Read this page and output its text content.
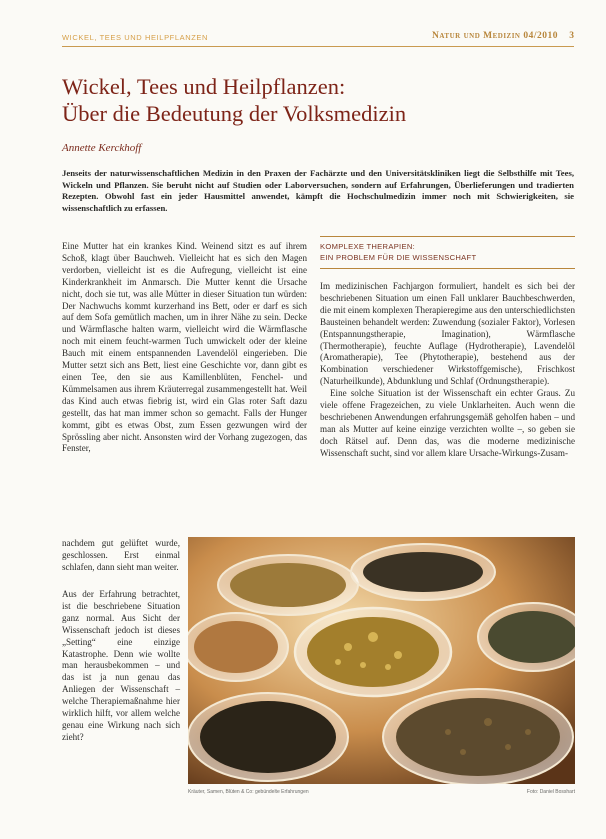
WICKEL, TEES UND HEILPFLANZEN	Natur und Medizin 04/2010 3
Wickel, Tees und Heilpflanzen:
Über die Bedeutung der Volksmedizin
Annette Kerckhoff
Jenseits der naturwissenschaftlichen Medizin in den Praxen der Fachärzte und den Universitätskliniken liegt die Selbsthilfe mit Tees, Wickeln und Pflanzen. Sie beruht nicht auf Studien oder Laborversuchen, sondern auf Erfahrungen, Überlieferungen und tradierten Rezepten. Obwohl fast ein jeder Hausmittel anwendet, kämpft die Hochschulmedizin immer noch mit Schwierigkeiten, sie wissenschaftlich zu erfassen.
Eine Mutter hat ein krankes Kind. Weinend sitzt es auf ihrem Schoß, klagt über Bauchweh. Vielleicht hat es sich den Magen verdorben, vielleicht ist es die Aufregung, vielleicht ist eine Kinderkrankheit im Anmarsch. Die Mutter kennt die Ursache nicht, doch sie tut, was alle Mütter in dieser Situation tun würden: Der Nachwuchs kommt kurzerhand ins Bett, oder er darf es sich auf dem Sofa gemütlich machen, um in ihrer Nähe zu sein. Decke und Wärmflasche halten warm, vielleicht wird die Wärmflasche noch mit einem feucht-warmen Tuch umwickelt oder der kleine Bauch mit einem entspannenden Lavendelöl eingerieben. Die Mutter setzt sich ans Bett, liest eine Geschichte vor, dann gibt es einen Tee, den sie aus Kamillenblüten, Fenchel- und Kümmelsamen aus ihrem Kräuterregal zusammengestellt hat. Weil das Kind auch etwas fiebrig ist, wird ein Glas roter Saft dazu gestellt, das hat man immer schon so gemacht. Falls der Hunger kommt, gibt es etwas Obst, zum Essen gezwungen wird der Sprössling aber nicht. Ansonsten wird der Vorhang zugezogen, das Fenster,
nachdem gut gelüftet wurde, geschlossen. Erst einmal schlafen, dann sieht man weiter.

Aus der Erfahrung betrachtet, ist die beschriebene Situation ganz normal. Aus Sicht der Wissenschaft jedoch ist dieses „Setting“ eine einzige Katastrophe. Denn wie wollte man herausbekommen – und das ist ja nun genau das Anliegen der Wissenschaft – welche Therapiemaßnahme hier wirklich hilft, vor allem welche genau eine Wirkung nach sich zieht?

KOMPLEXE THERAPIEN:
EIN PROBLEM FÜR DIE WISSENSCHAFT

Im medizinischen Fachjargon formuliert, handelt es sich bei der beschriebenen Situation um einen Fall unklarer Bauchbeschwerden, die mit einem komplexen Therapieregime aus den unterschiedlichsten Bausteinen behandelt werden: Zuwendung (sozialer Faktor), Vorlesen (Entspannungstherapie, Imagination), Wärmflasche (Thermotherapie), feuchte Auflage (Hydrotherapie), Lavendelöl (Aromatherapie), Tee (Phytotherapie), bestehend aus der Kombination verschiedener Wirkstoffgemische), Frischkost (Naturheilkunde), Abdunklung und Schlaf (Ordnungstherapie).

Eine solche Situation ist der Wissenschaft ein echter Graus. Zu viele offene Fragezeichen, zu viele Unklarheiten. Auch wenn die beschriebenen Anwendungen erfahrungsgemäß geholfen haben – und man als Mutter auf keine einzige verzichten wollte –, so geben sie doch Rätsel auf. Denn das, was die moderne medizinische Wissenschaft sucht, sind vor allem klare Ursache-Wirkungs-Zusam-

Kräuter, Samen, Blüten & Co: gebündelte Erfahrungen	Foto: Daniel Bosshart
